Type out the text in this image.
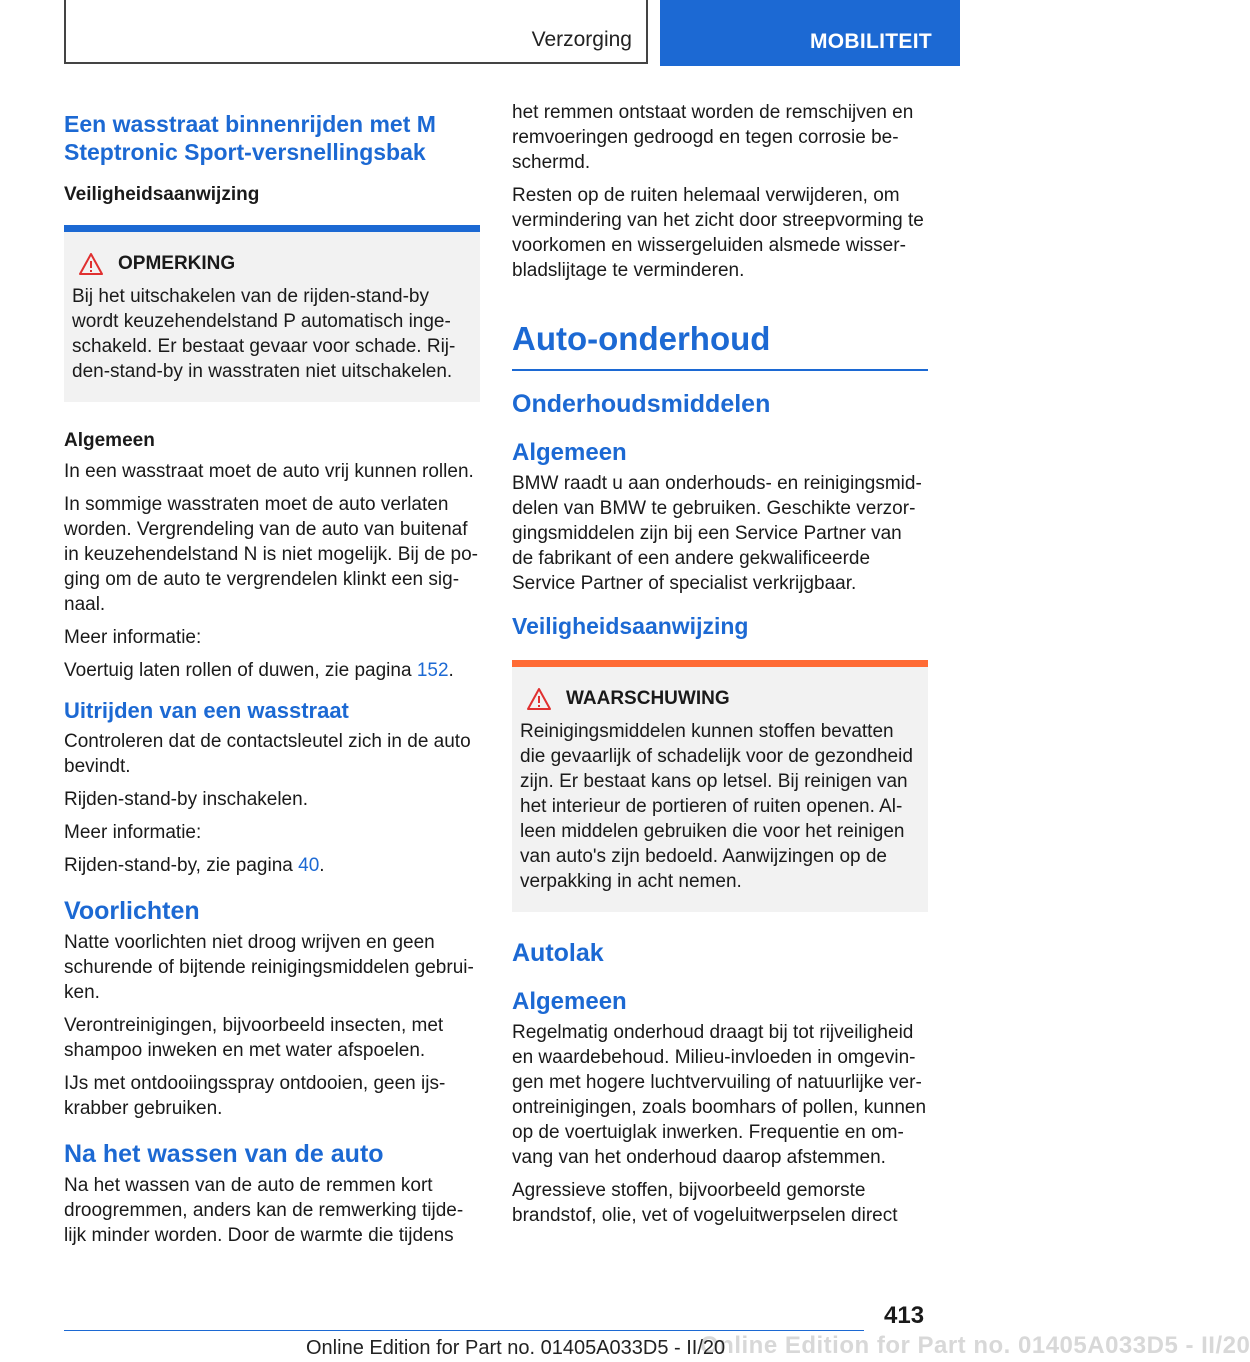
Verzorging	MOBILITEIT
Een wasstraat binnenrijden met M Steptronic Sport-versnellingsbak
Veiligheidsaanwijzing
OPMERKING

Bij het uitschakelen van de rijden-stand-by wordt keuzehendelstand P automatisch inge-schakeld. Er bestaat gevaar voor schade. Rij-den-stand-by in wasstraten niet uitschakelen.

Algemeen

In een wasstraat moet de auto vrij kunnen rollen.

In sommige wasstraten moet de auto verlaten worden. Vergrendeling van de auto van buitenaf in keuzehendelstand N is niet mogelijk. Bij de po-ging om de auto te vergrendelen klinkt een sig-naal.

Meer informatie:

Voertuig laten rollen of duwen, zie pagina 152.

Uitrijden van een wasstraat

Controleren dat de contactsleutel zich in de auto bevindt.

Rijden-stand-by inschakelen.

Meer informatie:

Rijden-stand-by, zie pagina 40.

Voorlichten

Natte voorlichten niet droog wrijven en geen schurende of bijtende reinigingsmiddelen gebrui-ken.

Verontreinigingen, bijvoorbeeld insecten, met shampoo inweken en met water afspoelen.

IJs met ontdooiingsspray ontdooien, geen ijs-krabber gebruiken.

Na het wassen van de auto

Na het wassen van de auto de remmen kort droogremmen, anders kan de remwerking tijde-lijk minder worden. Door de warmte die tijdens

het remmen ontstaat worden de remschijven en remvoeringen gedroogd en tegen corrosie be-schermd.

Resten op de ruiten helemaal verwijderen, om vermindering van het zicht door streepvorming te voorkomen en wissergeluiden alsmede wisser-bladslijtage te verminderen.

Auto-onderhoud
Onderhoudsmiddelen
Algemeen

BMW raadt u aan onderhouds- en reinigingsmid-delen van BMW te gebruiken. Geschikte verzor-gingsmiddelen zijn bij een Service Partner van de fabrikant of een andere gekwalificeerde Service Partner of specialist verkrijgbaar.

Veiligheidsaanwijzing
WAARSCHUWING

Reinigingsmiddelen kunnen stoffen bevatten die gevaarlijk of schadelijk voor de gezondheid zijn. Er bestaat kans op letsel. Bij reinigen van het interieur de portieren of ruiten openen. Al-leen middelen gebruiken die voor het reinigen van auto's zijn bedoeld. Aanwijzingen op de verpakking in acht nemen.

Autolak
Algemeen

Regelmatig onderhoud draagt bij tot rijveiligheid en waardebehoud. Milieu-invloeden in omgevin-gen met hogere luchtvervuiling of natuurlijke ver-ontreinigingen, zoals boomhars of pollen, kunnen op de voertuiglak inwerken. Frequentie en om-vang van het onderhoud daarop afstemmen.

Agressieve stoffen, bijvoorbeeld gemorste brandstof, olie, vet of vogeluitwerpselen direct

413
Online Edition for Part no. 01405A033D5 - II/20
Online Edition for Part no. 01405A033D5 - II/20
